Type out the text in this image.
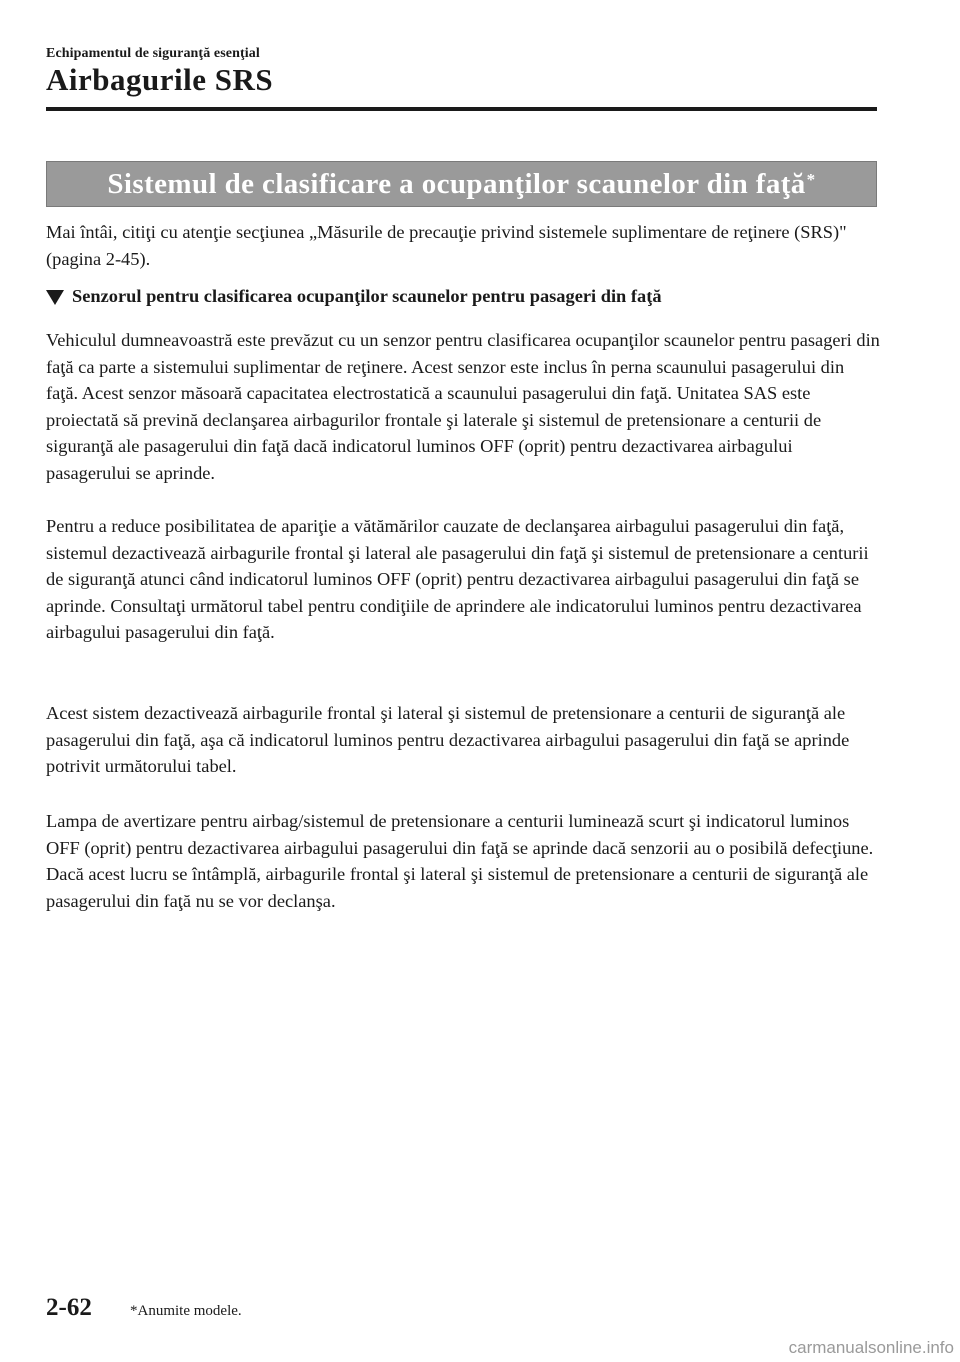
Echipamentul de siguranţă esenţial
Airbagurile SRS
Sistemul de clasificare a ocupanţilor scaunelor din faţă*

Mai întâi, citiţi cu atenţie secţiunea „Măsurile de precauţie privind sistemele suplimentare de reţinere (SRS)" (pagina 2-45).

Senzorul pentru clasificarea ocupanţilor scaunelor pentru pasageri din faţă

Vehiculul dumneavoastră este prevăzut cu un senzor pentru clasificarea ocupanţilor scaunelor pentru pasageri din faţă ca parte a sistemului suplimentar de reţinere. Acest senzor este inclus în perna scaunului pasagerului din faţă. Acest senzor măsoară capacitatea electrostatică a scaunului pasagerului din faţă. Unitatea SAS este proiectată să prevină declanşarea airbagurilor frontale şi laterale şi sistemul de pretensionare a centurii de siguranţă ale pasagerului din faţă dacă indicatorul luminos OFF (oprit) pentru dezactivarea airbagului pasagerului se aprinde.

Pentru a reduce posibilitatea de apariţie a vătămărilor cauzate de declanşarea airbagului pasagerului din faţă, sistemul dezactivează airbagurile frontal şi lateral ale pasagerului din faţă şi sistemul de pretensionare a centurii de siguranţă atunci când indicatorul luminos OFF (oprit) pentru dezactivarea airbagului pasagerului din faţă se aprinde. Consultaţi următorul tabel pentru condiţiile de aprindere ale indicatorului luminos pentru dezactivarea airbagului pasagerului din faţă.

Acest sistem dezactivează airbagurile frontal şi lateral şi sistemul de pretensionare a centurii de siguranţă ale pasagerului din faţă, aşa că indicatorul luminos pentru dezactivarea airbagului pasagerului din faţă se aprinde potrivit următorului tabel.

Lampa de avertizare pentru airbag/sistemul de pretensionare a centurii luminează scurt şi indicatorul luminos OFF (oprit) pentru dezactivarea airbagului pasagerului din faţă se aprinde dacă senzorii au o posibilă defecţiune. Dacă acest lucru se întâmplă, airbagurile frontal şi lateral şi sistemul de pretensionare a centurii de siguranţă ale pasagerului din faţă nu se vor declanşa.

2-62	*Anumite modele.
carmanualsonline.info
